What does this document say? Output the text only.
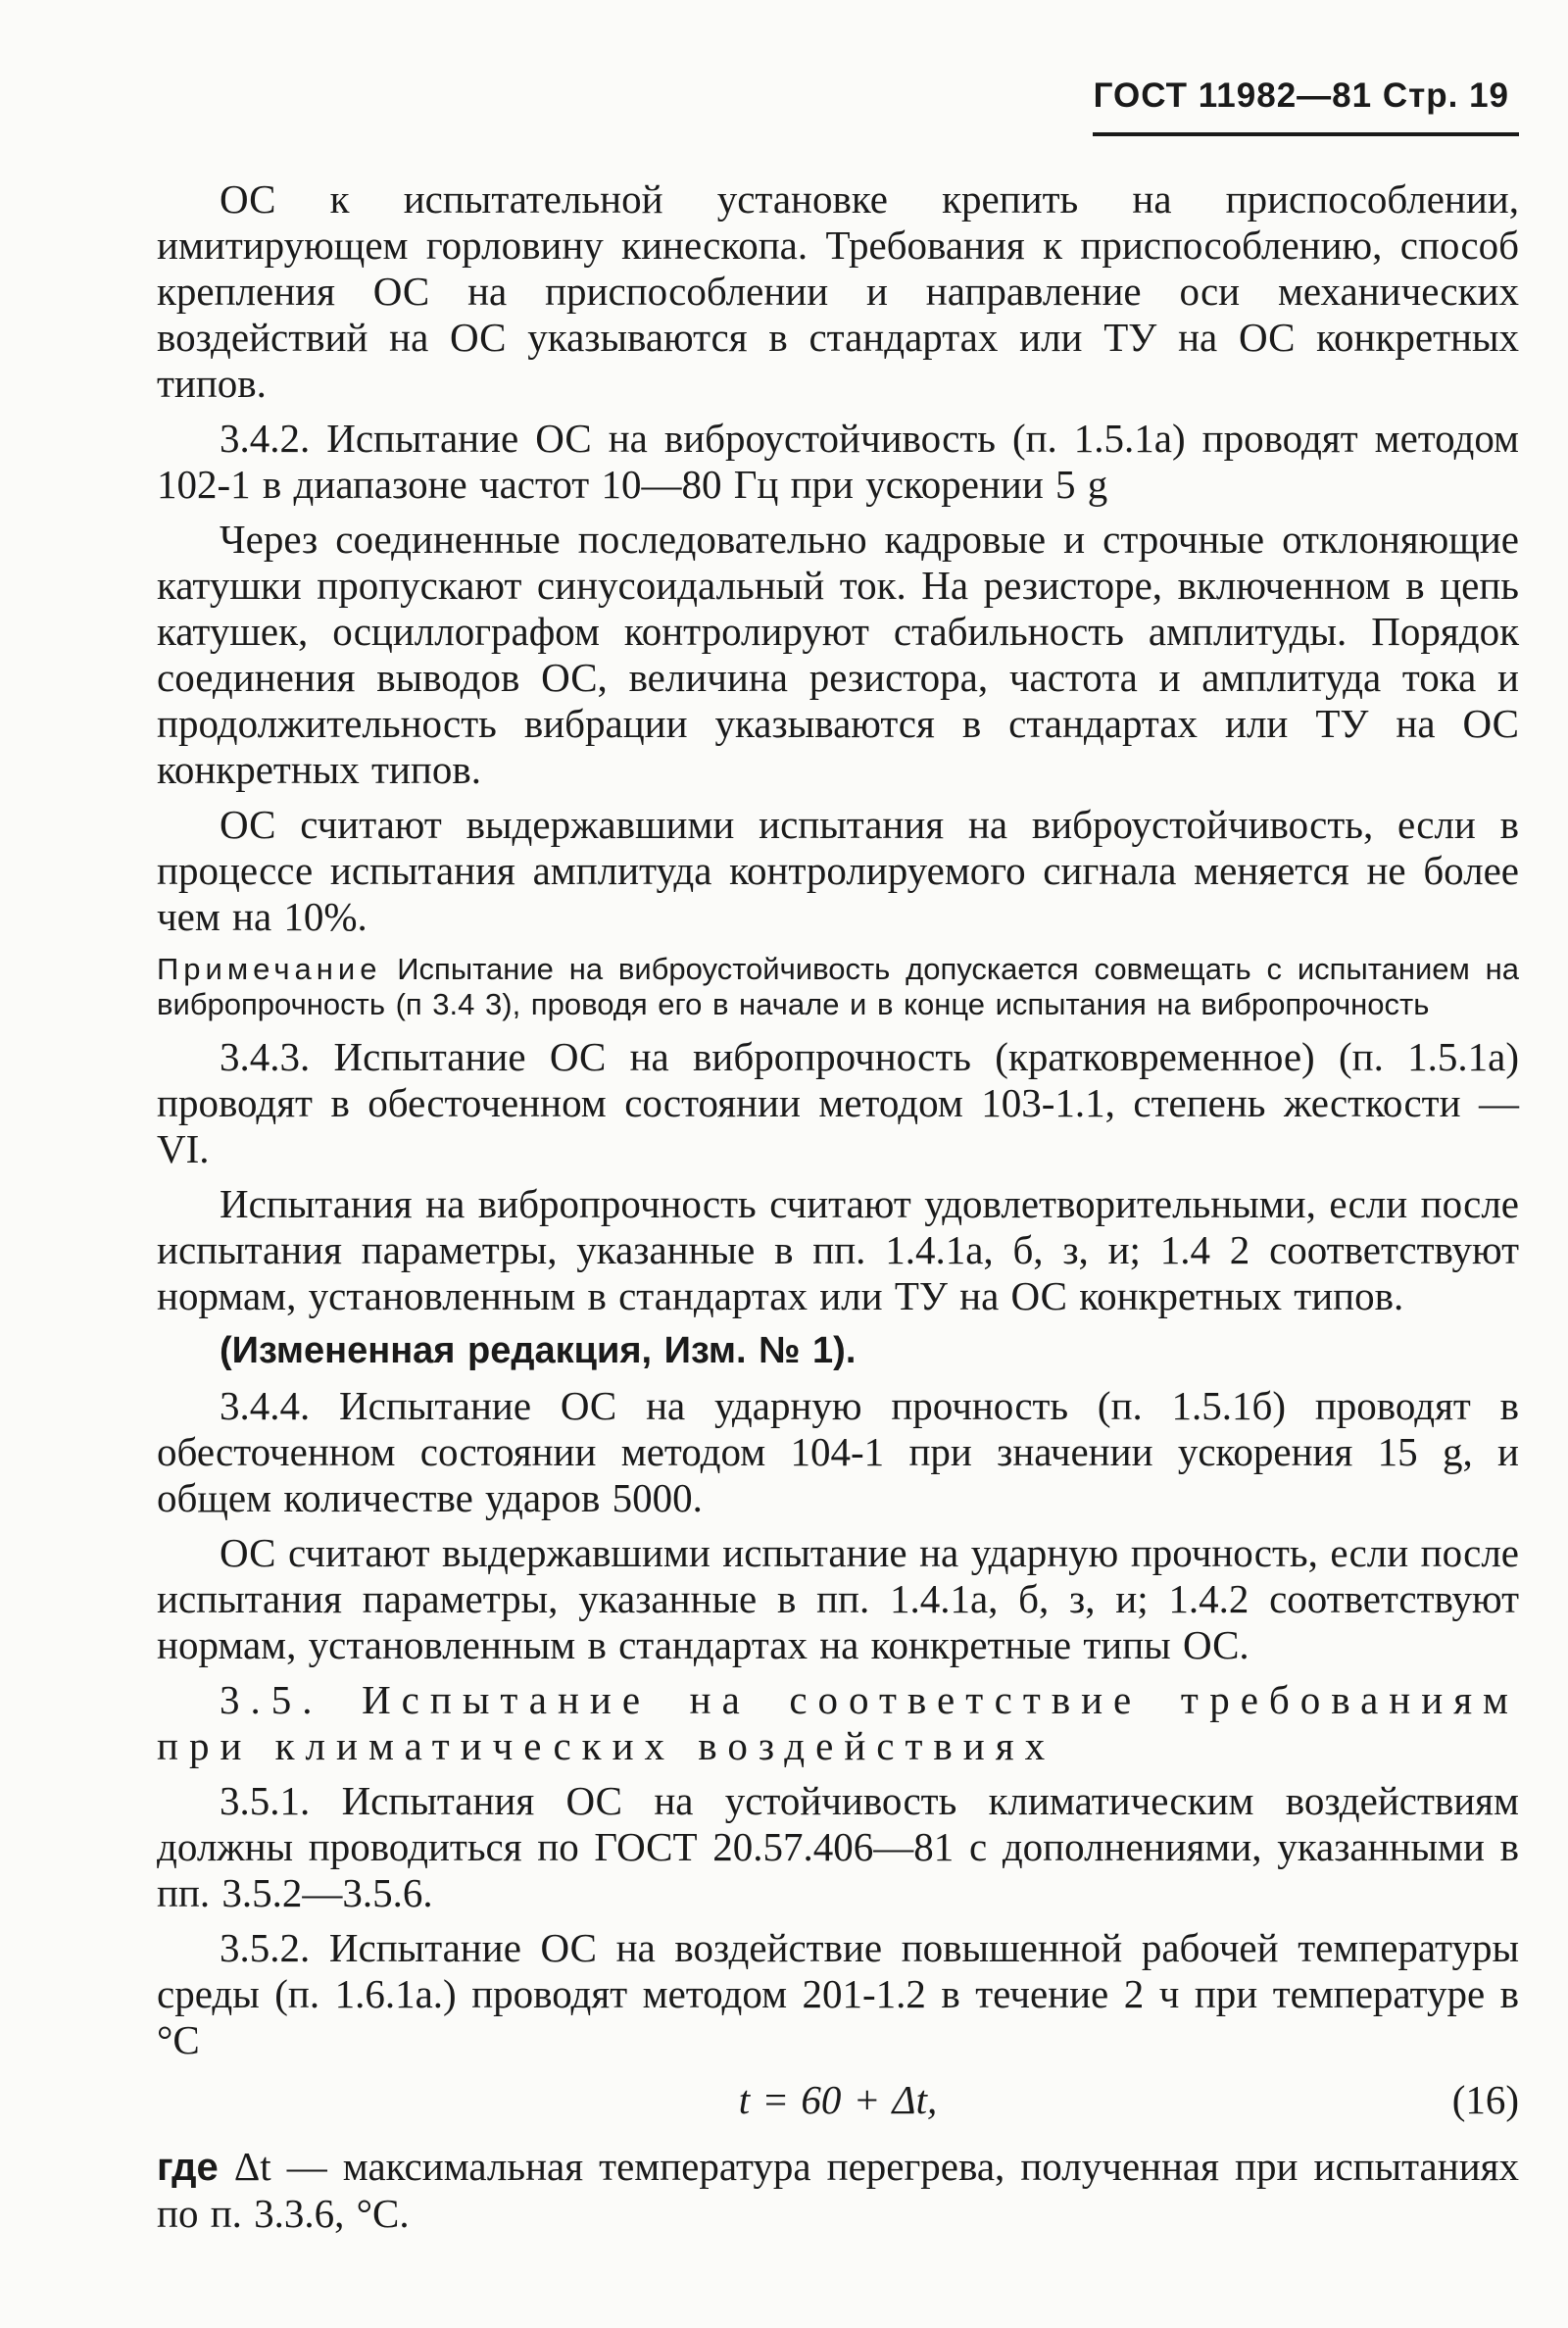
ГОСТ 11982—81 Стр. 19

ОС к испытательной установке крепить на приспособлении, имитирующем горловину кинескопа. Требования к приспособлению, способ крепления ОС на приспособлении и направление оси механических воздействий на ОС указываются в стандартах или ТУ на ОС конкретных типов.

3.4.2. Испытание ОС на виброустойчивость (п. 1.5.1а) проводят методом 102-1 в диапазоне частот 10—80 Гц при ускорении 5 g

Через соединенные последовательно кадровые и строчные отклоняющие катушки пропускают синусоидальный ток. На резисторе, включенном в цепь катушек, осциллографом контролируют стабильность амплитуды. Порядок соединения выводов ОС, величина резистора, частота и амплитуда тока и продолжительность вибрации указываются в стандартах или ТУ на ОС конкретных типов.

ОС считают выдержавшими испытания на виброустойчивость, если в процессе испытания амплитуда контролируемого сигнала меняется не более чем на 10%.

Примечание Испытание на виброустойчивость допускается совмещать с испытанием на вибропрочность (п 3.4 3), проводя его в начале и в конце испытания на вибропрочность

3.4.3. Испытание ОС на вибропрочность (кратковременное) (п. 1.5.1а) проводят в обесточенном состоянии методом 103-1.1, степень жесткости — VI.

Испытания на вибропрочность считают удовлетворительными, если после испытания параметры, указанные в пп. 1.4.1а, б, з, и; 1.4 2 соответствуют нормам, установленным в стандартах или ТУ на ОС конкретных типов.

(Измененная редакция, Изм. № 1).

3.4.4. Испытание ОС на ударную прочность (п. 1.5.1б) проводят в обесточенном состоянии методом 104-1 при значении ускорения 15 g, и общем количестве ударов 5000.

ОС считают выдержавшими испытание на ударную прочность, если после испытания параметры, указанные в пп. 1.4.1а, б, з, и; 1.4.2 соответствуют нормам, установленным в стандартах на конкретные типы ОС.

3.5. Испытание на соответствие требованиям при климатических воздействиях

3.5.1. Испытания ОС на устойчивость климатическим воздействиям должны проводиться по ГОСТ 20.57.406—81 с дополнениями, указанными в пп. 3.5.2—3.5.6.

3.5.2. Испытание ОС на воздействие повышенной рабочей температуры среды (п. 1.6.1а.) проводят методом 201-1.2 в течение 2 ч при температуре в °С

t = 60 + Δt,	(16)
где Δt — максимальная температура перегрева, полученная при испытаниях по п. 3.3.6, °С.
